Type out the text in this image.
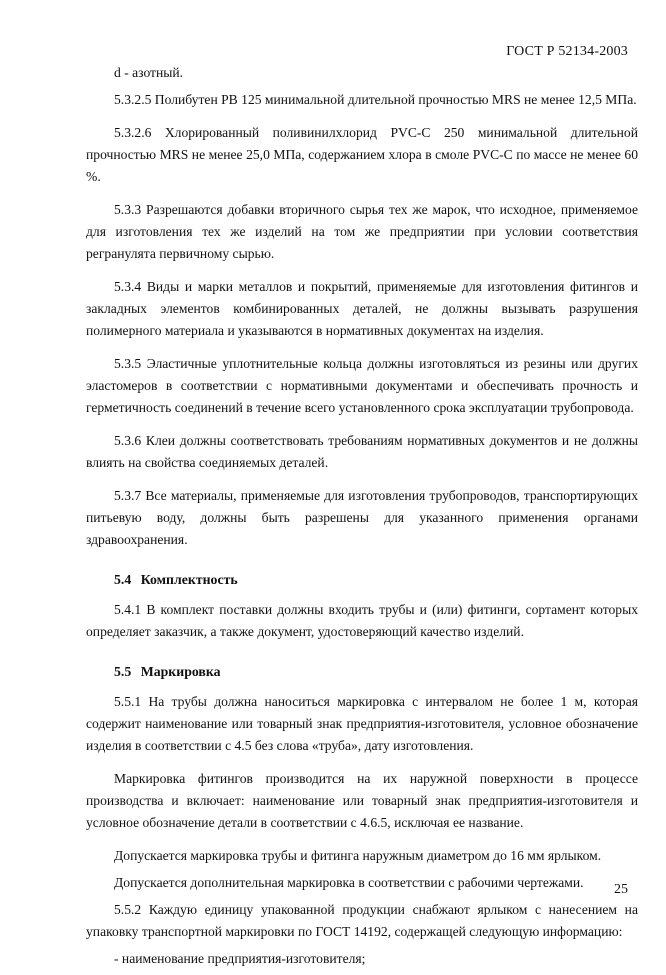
ГОСТ Р 52134-2003

d - азотный.

5.3.2.5 Полибутен PB 125 минимальной длительной прочностью MRS не менее 12,5 МПа.

5.3.2.6 Хлорированный поливинилхлорид PVC-C 250 минимальной длительной прочностью MRS не менее 25,0 МПа, содержанием хлора в смоле PVC-C по массе не менее 60 %.

5.3.3 Разрешаются добавки вторичного сырья тех же марок, что исходное, применяемое для изготовления тех же изделий на том же предприятии при условии соответствия регранулята первичному сырью.

5.3.4 Виды и марки металлов и покрытий, применяемые для изготовления фитингов и закладных элементов комбинированных деталей, не должны вызывать разрушения полимерного материала и указываются в нормативных документах на изделия.

5.3.5 Эластичные уплотнительные кольца должны изготовляться из резины или других эластомеров в соответствии с нормативными документами и обеспечивать прочность и герметичность соединений в течение всего установленного срока эксплуатации трубопровода.

5.3.6 Клеи должны соответствовать требованиям нормативных документов и не должны влиять на свойства соединяемых деталей.

5.3.7 Все материалы, применяемые для изготовления трубопроводов, транспортирующих питьевую воду, должны быть разрешены для указанного применения органами здравоохранения.

5.4 Комплектность

5.4.1 В комплект поставки должны входить трубы и (или) фитинги, сортамент которых определяет заказчик, а также документ, удостоверяющий качество изделий.

5.5 Маркировка

5.5.1 На трубы должна наноситься маркировка с интервалом не более 1 м, которая содержит наименование или товарный знак предприятия-изготовителя, условное обозначение изделия в соответствии с 4.5 без слова «труба», дату изготовления.

Маркировка фитингов производится на их наружной поверхности в процессе производства и включает: наименование или товарный знак предприятия-изготовителя и условное обозначение детали в соответствии с 4.6.5, исключая ее название.

Допускается маркировка трубы и фитинга наружным диаметром до 16 мм ярлыком.

Допускается дополнительная маркировка в соответствии с рабочими чертежами.

5.5.2 Каждую единицу упакованной продукции снабжают ярлыком с нанесением на упаковку транспортной маркировки по ГОСТ 14192, содержащей следующую информацию:

- наименование предприятия-изготовителя;

25
